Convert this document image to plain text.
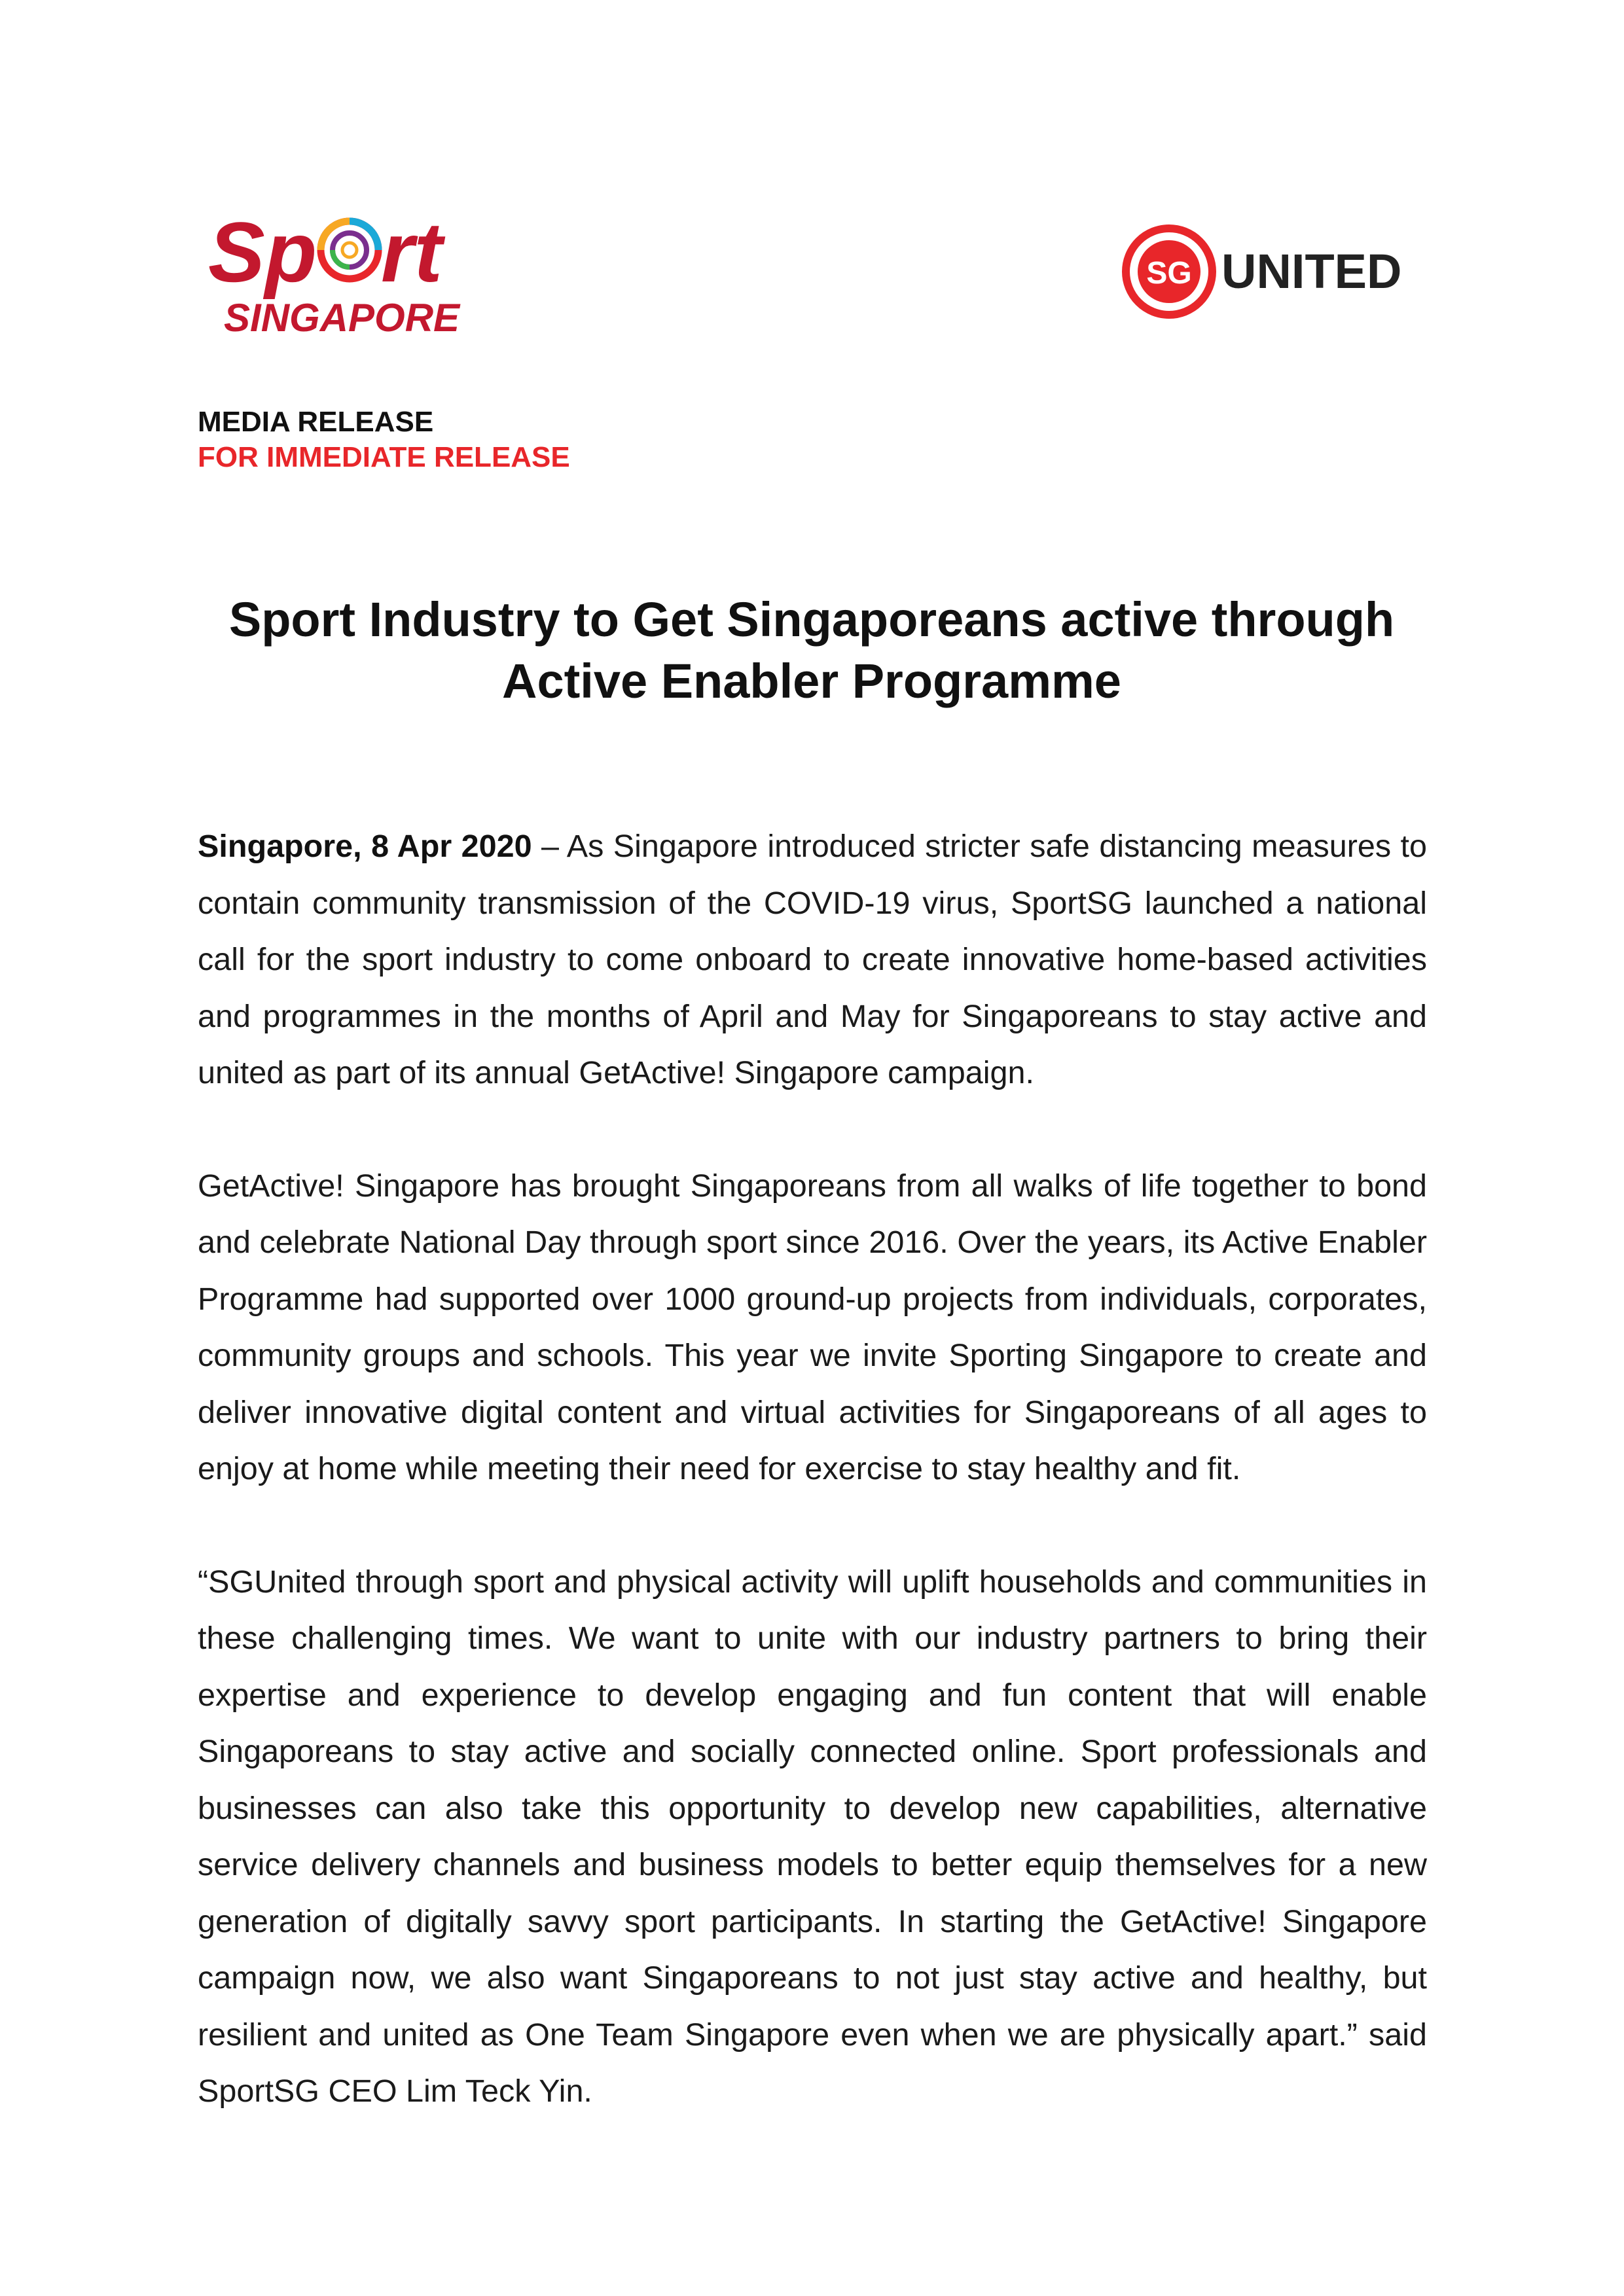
Sp rt
SINGAPORE
SG UNITED
MEDIA RELEASE
FOR IMMEDIATE RELEASE
Sport Industry to Get Singaporeans active through
Active Enabler Programme

Singapore, 8 Apr 2020 – As Singapore introduced stricter safe distancing measures to contain community transmission of the COVID-19 virus, SportSG launched a national call for the sport industry to come onboard to create innovative home-based activities and programmes in the months of April and May for Singaporeans to stay active and united as part of its annual GetActive! Singapore campaign.

GetActive! Singapore has brought Singaporeans from all walks of life together to bond and celebrate National Day through sport since 2016. Over the years, its Active Enabler Programme had supported over 1000 ground-up projects from individuals, corporates, community groups and schools. This year we invite Sporting Singapore to create and deliver innovative digital content and virtual activities for Singaporeans of all ages to enjoy at home while meeting their need for exercise to stay healthy and fit.

“SGUnited through sport and physical activity will uplift households and communities in these challenging times. We want to unite with our industry partners to bring their expertise and experience to develop engaging and fun content that will enable Singaporeans to stay active and socially connected online. Sport professionals and businesses can also take this opportunity to develop new capabilities, alternative service delivery channels and business models to better equip themselves for a new generation of digitally savvy sport participants. In starting the GetActive! Singapore campaign now, we also want Singaporeans to not just stay active and healthy, but resilient and united as One Team Singapore even when we are physically apart.” said SportSG CEO Lim Teck Yin.
